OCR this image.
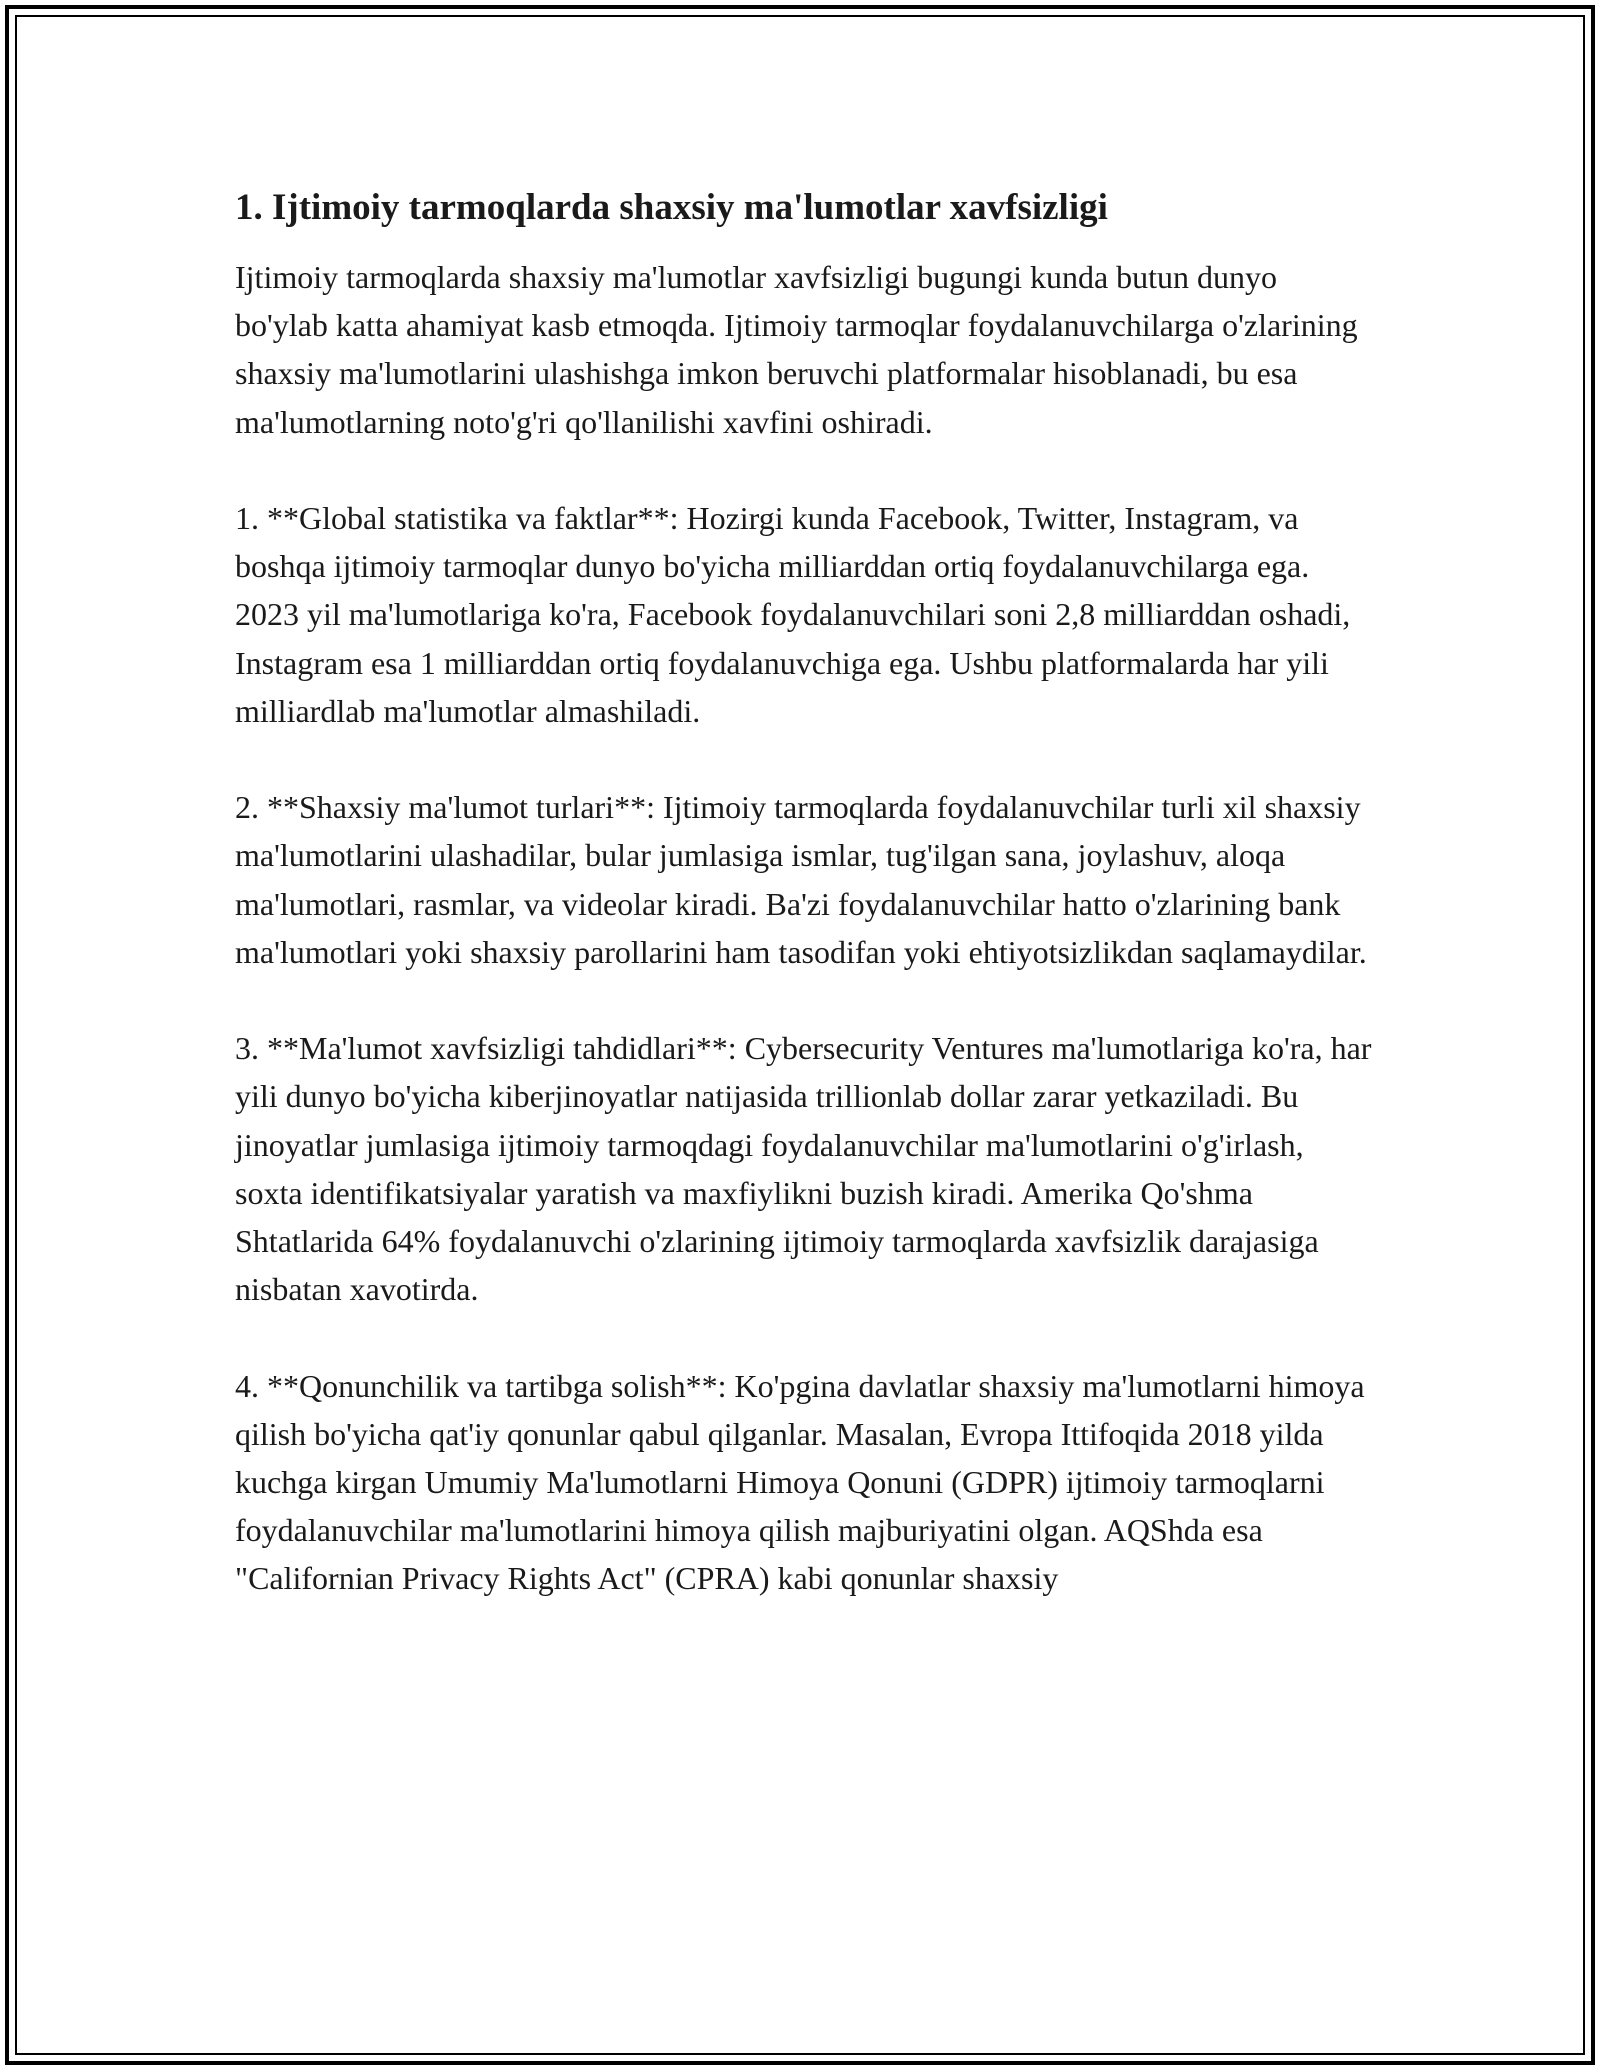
1. Ijtimoiy tarmoqlarda shaxsiy ma'lumotlar xavfsizligi

Ijtimoiy tarmoqlarda shaxsiy ma'lumotlar xavfsizligi bugungi kunda butun dunyo bo'ylab katta ahamiyat kasb etmoqda. Ijtimoiy tarmoqlar foydalanuvchilarga o'zlarining shaxsiy ma'lumotlarini ulashishga imkon beruvchi platformalar hisoblanadi, bu esa ma'lumotlarning noto'g'ri qo'llanilishi xavfini oshiradi.

1. **Global statistika va faktlar**: Hozirgi kunda Facebook, Twitter, Instagram, va boshqa ijtimoiy tarmoqlar dunyo bo'yicha milliarddan ortiq foydalanuvchilarga ega. 2023 yil ma'lumotlariga ko'ra, Facebook foydalanuvchilari soni 2,8 milliarddan oshadi, Instagram esa 1 milliarddan ortiq foydalanuvchiga ega. Ushbu platformalarda har yili milliardlab ma'lumotlar almashiladi.

2. **Shaxsiy ma'lumot turlari**: Ijtimoiy tarmoqlarda foydalanuvchilar turli xil shaxsiy ma'lumotlarini ulashadilar, bular jumlasiga ismlar, tug'ilgan sana, joylashuv, aloqa ma'lumotlari, rasmlar, va videolar kiradi. Ba'zi foydalanuvchilar hatto o'zlarining bank ma'lumotlari yoki shaxsiy parollarini ham tasodifan yoki ehtiyotsizlikdan saqlamaydilar.

3. **Ma'lumot xavfsizligi tahdidlari**: Cybersecurity Ventures ma'lumotlariga ko'ra, har yili dunyo bo'yicha kiberjinoyatlar natijasida trillionlab dollar zarar yetkaziladi. Bu jinoyatlar jumlasiga ijtimoiy tarmoqdagi foydalanuvchilar ma'lumotlarini o'g'irlash, soxta identifikatsiyalar yaratish va maxfiylikni buzish kiradi. Amerika Qo'shma Shtatlarida 64% foydalanuvchi o'zlarining ijtimoiy tarmoqlarda xavfsizlik darajasiga nisbatan xavotirda.

4. **Qonunchilik va tartibga solish**: Ko'pgina davlatlar shaxsiy ma'lumotlarni himoya qilish bo'yicha qat'iy qonunlar qabul qilganlar. Masalan, Evropa Ittifoqida 2018 yilda kuchga kirgan Umumiy Ma'lumotlarni Himoya Qonuni (GDPR) ijtimoiy tarmoqlarni foydalanuvchilar ma'lumotlarini himoya qilish majburiyatini olgan. AQShda esa "Californian Privacy Rights Act" (CPRA) kabi qonunlar shaxsiy
